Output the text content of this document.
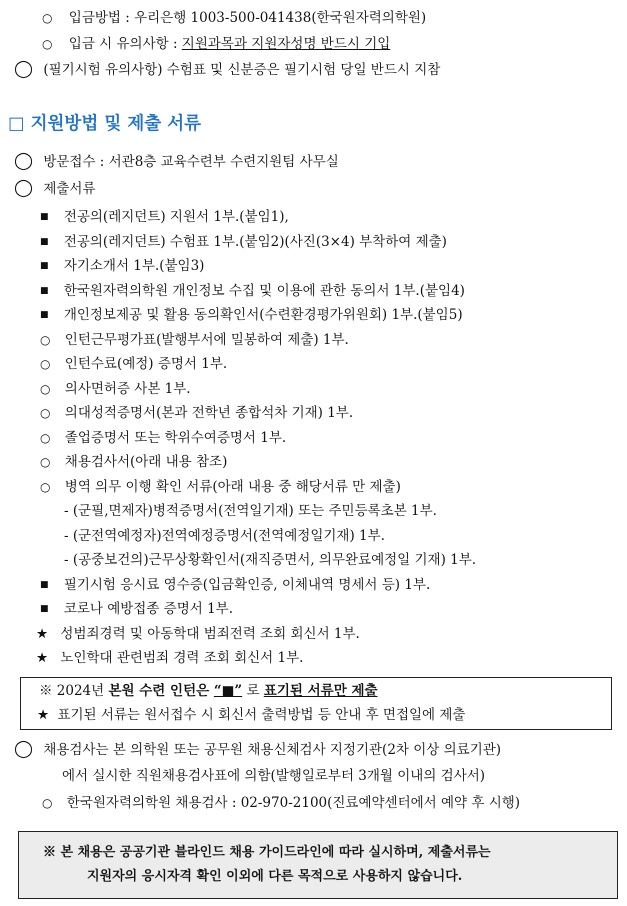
○ 입금방법 : 우리은행 1003-500-041438(한국원자력의학원)
○ 입금 시 유의사항 : 지원과목과 지원자성명 반드시 기입
◯ (필기시험 유의사항) 수험표 및 신분증은 필기시험 당일 반드시 지참
□ 지원방법 및 제출 서류
◯ 방문접수 : 서관8층 교육수련부 수련지원팀 사무실
◯ 제출서류
■ 전공의(레지던트) 지원서 1부.(붙임1),
■ 전공의(레지던트) 수험표 1부.(붙임2)(사진(3×4) 부착하여 제출)
■ 자기소개서 1부.(붙임3)
■ 한국원자력의학원 개인정보 수집 및 이용에 관한 동의서 1부.(붙임4)
■ 개인정보제공 및 활용 동의확인서(수련환경평가위원회) 1부.(붙임5)
○ 인턴근무평가표(발행부서에 밀봉하여 제출) 1부.
○ 인턴수료(예정) 증명서 1부.
○ 의사면허증 사본 1부.
○ 의대성적증명서(본과 전학년 종합석차 기재) 1부.
○ 졸업증명서 또는 학위수여증명서 1부.
○ 채용검사서(아래 내용 참조)
○ 병역 의무 이행 확인 서류(아래 내용 중 해당서류 만 제출)
- (군필,면제자)병적증명서(전역일기재) 또는 주민등록초본 1부.
- (군전역예정자)전역예정증명서(전역예정일기재) 1부.
- (공중보건의)근무상황확인서(재직증면서, 의무완료예정일 기재) 1부.
■ 필기시험 응시료 영수증(입금확인증, 이체내역 명세서 등) 1부.
■ 코로나 예방접종 증명서 1부.
★ 성범죄경력 및 아동학대 범죄전력 조회 회신서 1부.
★ 노인학대 관련범죄 경력 조회 회신서 1부.
※ 2024년 본원 수련 인턴은 “■” 로 표기된 서류만 제출
★ 표기된 서류는 원서접수 시 회신서 출력방법 등 안내 후 면접일에 제출
◯ 채용검사는 본 의학원 또는 공무원 채용신체검사 지정기관(2차 이상 의료기관)
에서 실시한 직원채용검사표에 의함(발행일로부터 3개월 이내의 검사서)
○ 한국원자력의학원 채용검사 : 02-970-2100(진료예약센터에서 예약 후 시행)
※ 본 채용은 공공기관 블라인드 채용 가이드라인에 따라 실시하며, 제출서류는
지원자의 응시자격 확인 이외에 다른 목적으로 사용하지 않습니다.
